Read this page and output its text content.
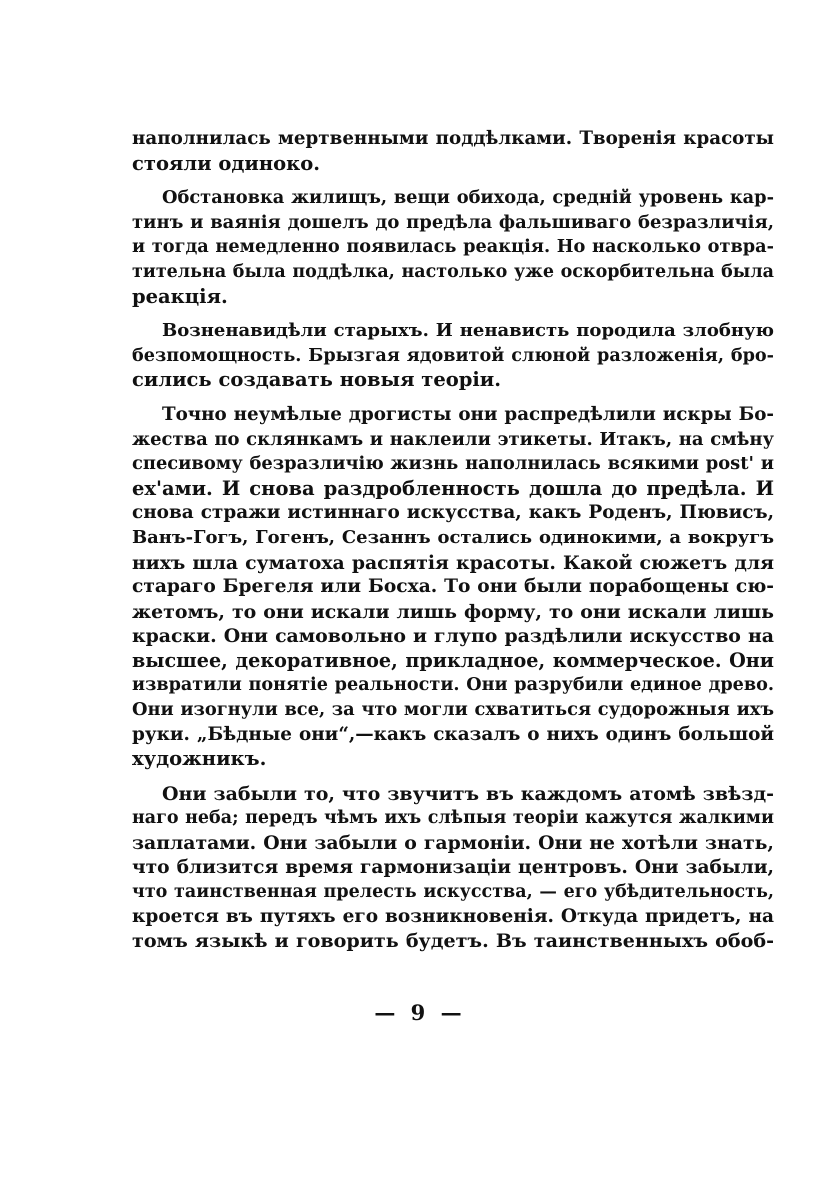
наполнилась мертвенными поддѣлками. Творенія красоты
стояли одиноко.
Обстановка жилищъ, вещи обихода, средній уровень кар-
тинъ и ваянія дошелъ до предѣла фальшиваго безразличія,
и тогда немедленно появилась реакція. Но насколько отвра-
тительна была поддѣлка, настолько уже оскорбительна была
реакція.
Возненавидѣли старыхъ. И ненависть породила злобную
безпомощность. Брызгая ядовитой слюной разложенія, бро-
сились создавать новыя теоріи.
Точно неумѣлые дрогисты они распредѣлили искры Бо-
жества по склянкамъ и наклеили этикеты. Итакъ, на смѣну
спесивому безразличію жизнь наполнилась всякими post' и
ex'ами. И снова раздробленность дошла до предѣла. И
снова стражи истиннаго искусства, какъ Роденъ, Пювисъ,
Ванъ-Гогъ, Гогенъ, Сезаннъ остались одинокими, а вокругъ
нихъ шла суматоха распятія красоты. Какой сюжетъ для
стараго Брегеля или Босха. То они были порабощены сю-
жетомъ, то они искали лишь форму, то они искали лишь
краски. Они самовольно и глупо раздѣлили искусство на
высшее, декоративное, прикладное, коммерческое. Они
извратили понятіе реальности. Они разрубили единое древо.
Они изогнули все, за что могли схватиться судорожныя ихъ
руки. „Бѣдные они“,—какъ сказалъ о нихъ одинъ большой
художникъ.
Они забыли то, что звучитъ въ каждомъ атомѣ звѣзд-
наго неба; передъ чѣмъ ихъ слѣпыя теоріи кажутся жалкими
заплатами. Они забыли о гармоніи. Они не хотѣли знать,
что близится время гармонизаціи центровъ. Они забыли,
что таинственная прелесть искусства, — его убѣдительность,
кроется въ путяхъ его возникновенія. Откуда придетъ, на
томъ языкѣ и говорить будетъ. Въ таинственныхъ обоб-
— 9 —
